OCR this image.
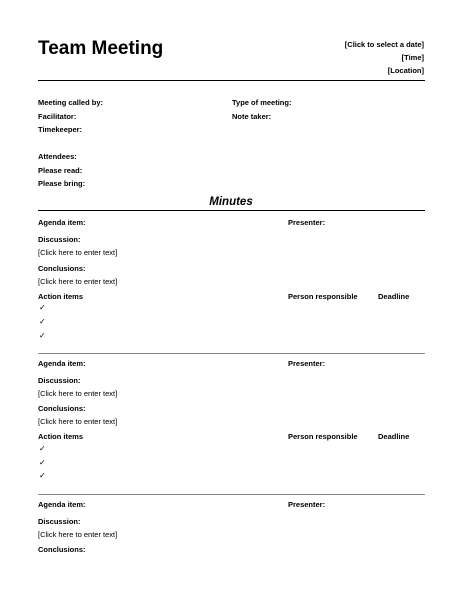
Team Meeting	[Click to select a date]
[Time]
[Location]
Meeting called by:	Type of meeting:
Facilitator:	Note taker:
Timekeeper:
Attendees:
Please read:
Please bring:
Minutes
Agenda item:	Presenter:
Discussion:
[Click here to enter text]
Conclusions:
[Click here to enter text]
Action items	Person responsible	Deadline
✓
✓
✓
Agenda item:	Presenter:
Discussion:
[Click here to enter text]
Conclusions:
[Click here to enter text]
Action items	Person responsible	Deadline
✓
✓
✓
Agenda item:	Presenter:
Discussion:
[Click here to enter text]
Conclusions:
